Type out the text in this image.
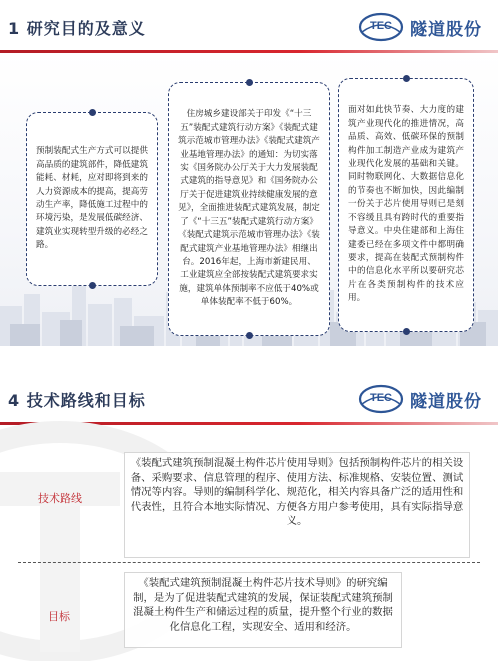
1 研究目的及意义	TEC	隧道股份

预制装配式生产方式可以提供高品质的建筑部件，降低建筑能耗、材耗，应对即将到来的人力资源成本的提高，提高劳动生产率，降低施工过程中的环境污染，是发展低碳经济、建筑业实现转型升级的必经之路。

住房城乡建设部关于印发《“十三五”装配式建筑行动方案》《装配式建筑示范城市管理办法》《装配式建筑产业基地管理办法》的通知：为切实落实《国务院办公厅关于大力发展装配式建筑的指导意见》和《国务院办公厅关于促进建筑业持续健康发展的意见》，全面推进装配式建筑发展，制定了《“十三五”装配式建筑行动方案》《装配式建筑示范城市管理办法》《装配式建筑产业基地管理办法》相继出台。2016年起，上海市新建民用、工业建筑应全部按装配式建筑要求实施，建筑单体预制率不应低于40%或单体装配率不低于60%。

面对如此快节奏、大力度的建筑产业现代化的推进情况，高品质、高效、低碳环保的预制构件加工制造产业成为建筑产业现代化发展的基础和关键。同时物联网化、大数据信息化的节奏也不断加快，因此编制一份关于芯片使用导则已是刻不容缓且具有跨时代的重要指导意义。中央住建部和上海住建委已经在多项文件中都明确要求，提高在装配式预制构件中的信息化水平所以要研究芯片在各类预制构件的技术应用。

4 技术路线和目标	TEC	隧道股份
技术路线

《装配式建筑预制混凝土构件芯片使用导则》包括预制构件芯片的相关设备、采购要求、信息管理的程序、使用方法、标准规格、安装位置、测试情况等内容。导则的编制科学化、规范化，相关内容具备广泛的适用性和代表性，且符合本地实际情况、方便各方用户参考使用，具有实际指导意义。

目标

《装配式建筑预制混凝土构件芯片技术导则》的研究编制，是为了促进装配式建筑的发展，保证装配式建筑预制混凝土构件生产和储运过程的质量，提升整个行业的数据化信息化工程，实现安全、适用和经济。
